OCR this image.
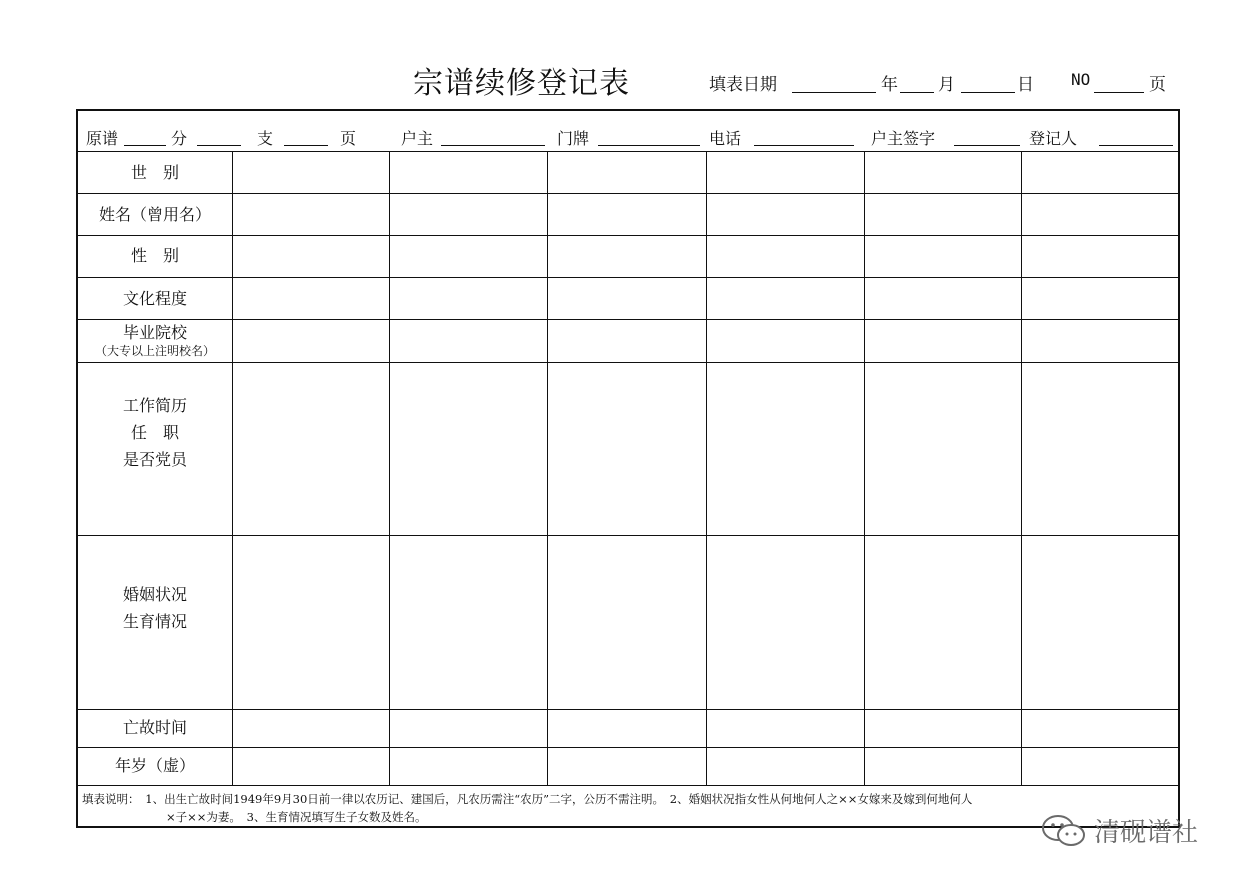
宗谱续修登记表	填表日期	年 月	日 NO	页
原谱	分	支	页	户主	门牌	电话	户主签字	登记人
世　别
姓名（曾用名）
性　别
文化程度
毕业院校
（大专以上注明校名）
工作简历
任　职
是否党员
婚姻状况
生育情况
亡故时间
年岁（虚）
填表说明：　1、出生亡故时间1949年9月30日前一律以农历记、建国后，凡农历需注“农历”二字，公历不需注明。　2、婚姻状况指女性从何地何人之××女嫁来及嫁到何地何人
×子××为妻。　3、生育情况填写生子女数及姓名。
清砚谱社
